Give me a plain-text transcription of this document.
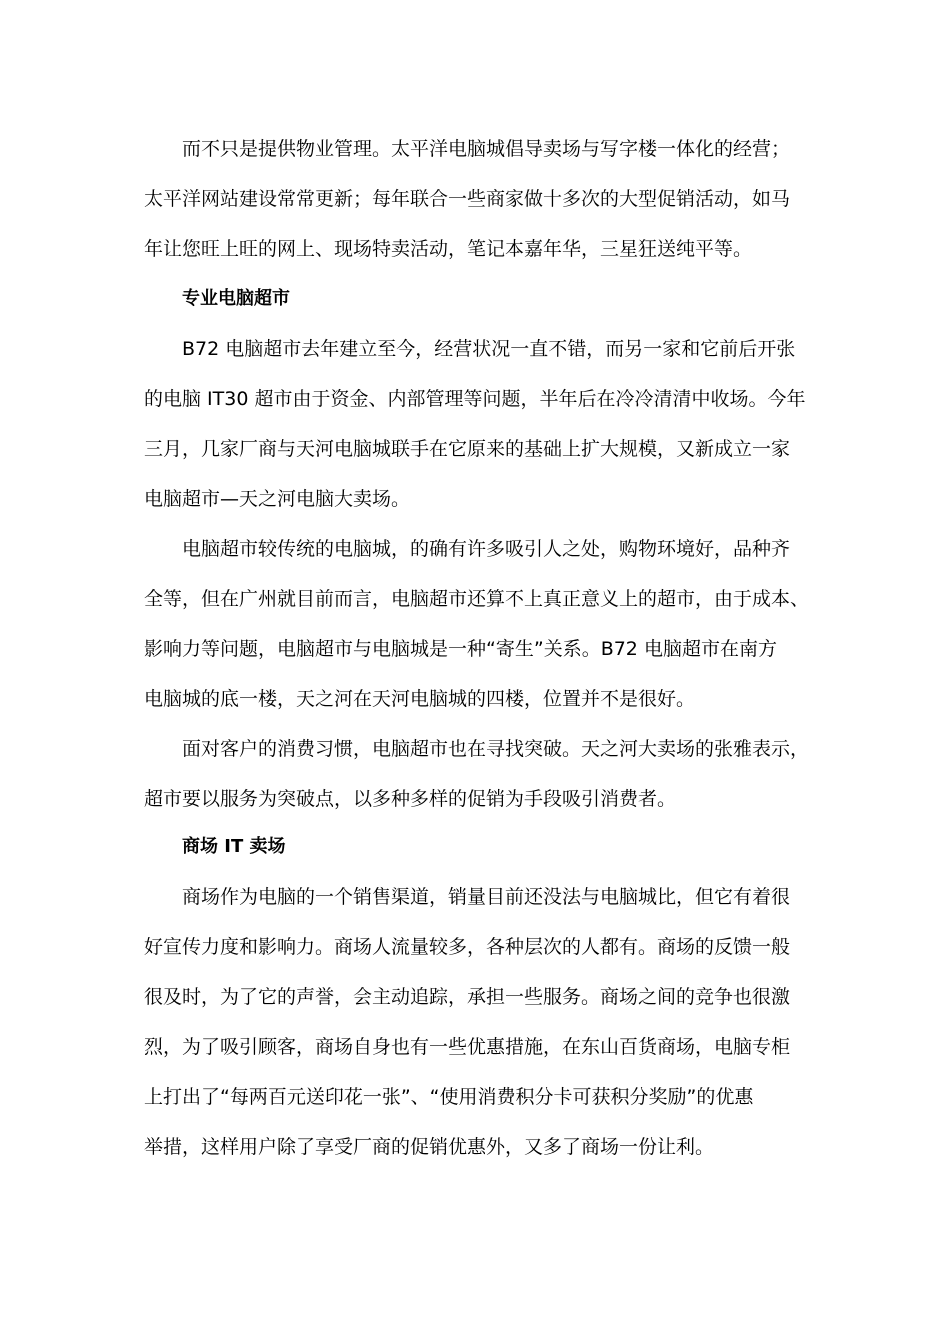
而不只是提供物业管理。太平洋电脑城倡导卖场与写字楼一体化的经营；
太平洋网站建设常常更新；每年联合一些商家做十多次的大型促销活动，如马
年让您旺上旺的网上、现场特卖活动，笔记本嘉年华，三星狂送纯平等。
专业电脑超市
B72 电脑超市去年建立至今，经营状况一直不错，而另一家和它前后开张
的电脑 IT30 超市由于资金、内部管理等问题，半年后在冷冷清清中收场。今年
三月，几家厂商与天河电脑城联手在它原来的基础上扩大规模，又新成立一家
电脑超市—天之河电脑大卖场。
电脑超市较传统的电脑城，的确有许多吸引人之处，购物环境好，品种齐
全等，但在广州就目前而言，电脑超市还算不上真正意义上的超市，由于成本、
影响力等问题，电脑超市与电脑城是一种“寄生”关系。B72 电脑超市在南方
电脑城的底一楼，天之河在天河电脑城的四楼，位置并不是很好。
面对客户的消费习惯，电脑超市也在寻找突破。天之河大卖场的张雅表示，
超市要以服务为突破点，以多种多样的促销为手段吸引消费者。
商场 IT 卖场
商场作为电脑的一个销售渠道，销量目前还没法与电脑城比，但它有着很
好宣传力度和影响力。商场人流量较多，各种层次的人都有。商场的反馈一般
很及时，为了它的声誉，会主动追踪，承担一些服务。商场之间的竞争也很激
烈，为了吸引顾客，商场自身也有一些优惠措施，在东山百货商场，电脑专柜
上打出了“每两百元送印花一张”、“使用消费积分卡可获积分奖励”的优惠
举措，这样用户除了享受厂商的促销优惠外，又多了商场一份让利。
